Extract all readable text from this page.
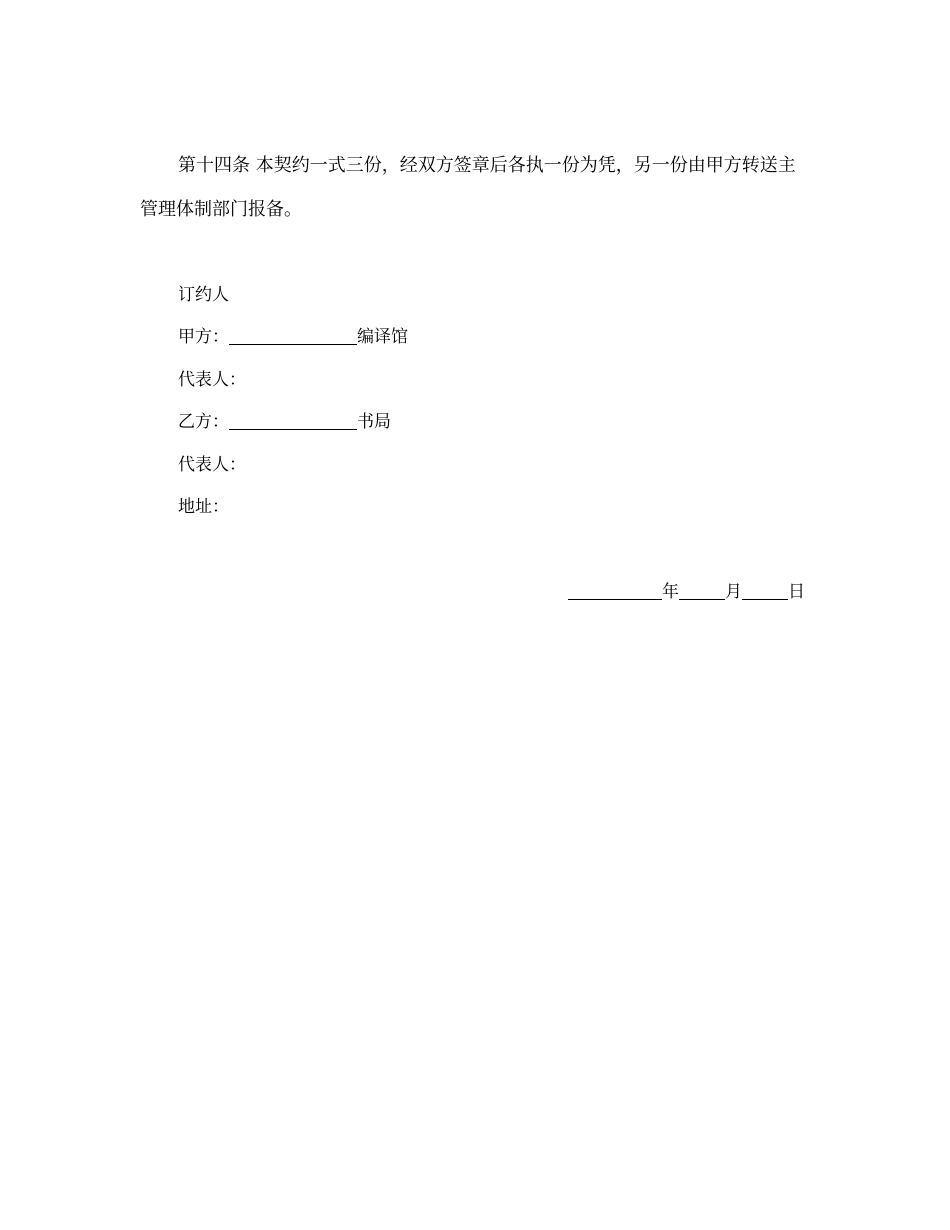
第十四条 本契约一式三份，经双方签章后各执一份为凭，另一份由甲方转送主
管理体制部门报备。
订约人
甲方：	编译馆
代表人：
乙方：	书局
代表人：
地址：
年	月	日
